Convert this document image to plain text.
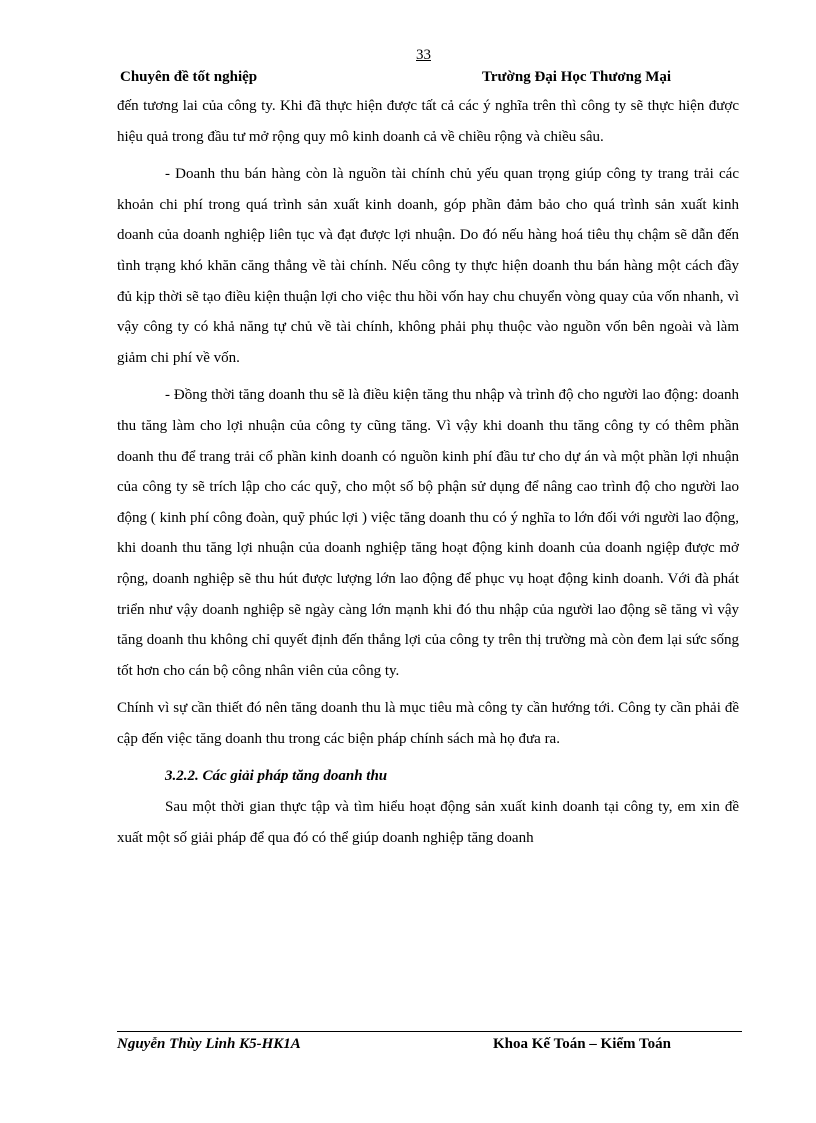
33
Chuyên đề tốt nghiệp	Trường Đại Học Thương Mại

đến tương lai của công ty. Khi đã thực hiện được tất cả các ý nghĩa trên thì công ty sẽ thực hiện được hiệu quả trong đầu tư mở rộng quy mô kinh doanh cả về chiều rộng và chiều sâu.

- Doanh thu bán hàng còn là nguồn tài chính chủ yếu quan trọng giúp công ty trang trải các khoản chi phí trong quá trình sản xuất kinh doanh, góp phần đảm bảo cho quá trình sản xuất kinh doanh của doanh nghiệp liên tục và đạt được lợi nhuận. Do đó nếu hàng hoá tiêu thụ chậm sẽ dẫn đến tình trạng khó khăn căng thẳng về tài chính. Nếu công ty thực hiện doanh thu bán hàng một cách đầy đủ kịp thời sẽ tạo điều kiện thuận lợi cho việc thu hồi vốn hay chu chuyển vòng quay của vốn nhanh, vì vậy công ty có khả năng tự chủ về tài chính, không phải phụ thuộc vào nguồn vốn bên ngoài và làm giảm chi phí về vốn.

- Đồng thời tăng doanh thu sẽ là điều kiện tăng thu nhập và trình độ cho người lao động: doanh thu tăng làm cho lợi nhuận của công ty cũng tăng. Vì vậy khi doanh thu tăng công ty có thêm phần doanh thu để trang trải cổ phần kinh doanh có nguồn kinh phí đầu tư cho dự án và một phần lợi nhuận của công ty sẽ trích lập cho các quỹ, cho một số bộ phận sử dụng để nâng cao trình độ cho người lao động ( kinh phí công đoàn, quỹ phúc lợi ) việc tăng doanh thu có ý nghĩa to lớn đối với người lao động, khi doanh thu tăng lợi nhuận của doanh nghiệp tăng hoạt động kinh doanh của doanh ngiệp được mở rộng, doanh nghiệp sẽ thu hút được lượng lớn lao động để phục vụ hoạt động kinh doanh. Với đà phát triển như vậy doanh nghiệp sẽ ngày càng lớn mạnh khi đó thu nhập của người lao động sẽ tăng vì vậy tăng doanh thu không chỉ quyết định đến thắng lợi của công ty trên thị trường mà còn đem lại sức sống tốt hơn cho cán bộ công nhân viên của công ty.

Chính vì sự cần thiết đó nên tăng doanh thu là mục tiêu mà công ty cần hướng tới. Công ty cần phải đề cập đến việc tăng doanh thu trong các biện pháp chính sách mà họ đưa ra.

3.2.2. Các giải pháp tăng doanh thu

Sau một thời gian thực tập và tìm hiểu hoạt động sản xuất kinh doanh tại công ty, em xin đề xuất một số giải pháp để qua đó có thể giúp doanh nghiệp tăng doanh

Nguyễn Thùy Linh K5-HK1A	Khoa Kế Toán – Kiểm Toán
